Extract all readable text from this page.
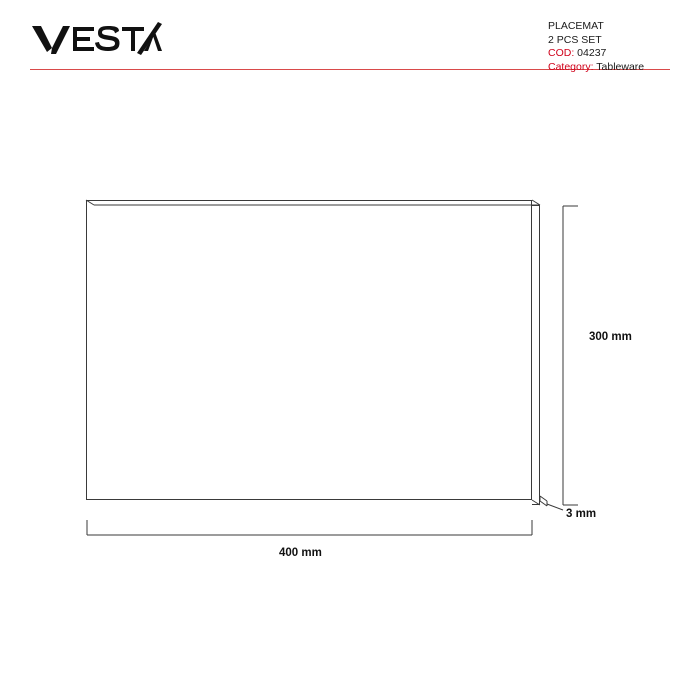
PLACEMAT
2 PCS SET
COD: 04237
Category: Tableware
400 mm
300 mm
3 mm
